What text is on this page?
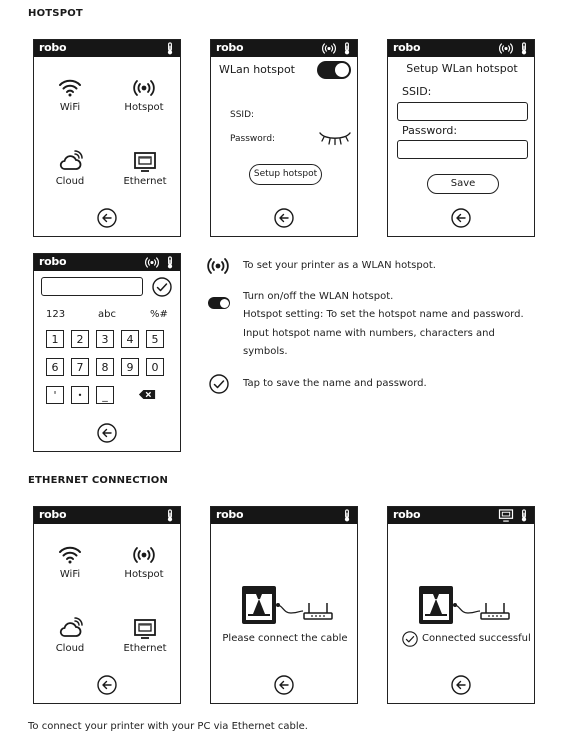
HOTSPOT
robo
WiFi	Hotspot
Cloud	Ethernet
robo
WLan hotspot
SSID:
Password:
Setup hotspot
robo
Setup WLan hotspot
SSID:
Password:
Save
robo
123	abc	%#
1	2	3	4	5
6	7	8	9	0
'	•	_
To set your printer as a WLAN hotspot.
Turn on/off the WLAN hotspot.
Hotspot setting: To set the hotspot name and password.
Input hotspot name with numbers, characters and
symbols.
Tap to save the name and password.
ETHERNET CONNECTION
robo
WiFi	Hotspot
Cloud	Ethernet
robo
Please connect the cable
robo
Connected successful
To connect your printer with your PC via Ethernet cable.
